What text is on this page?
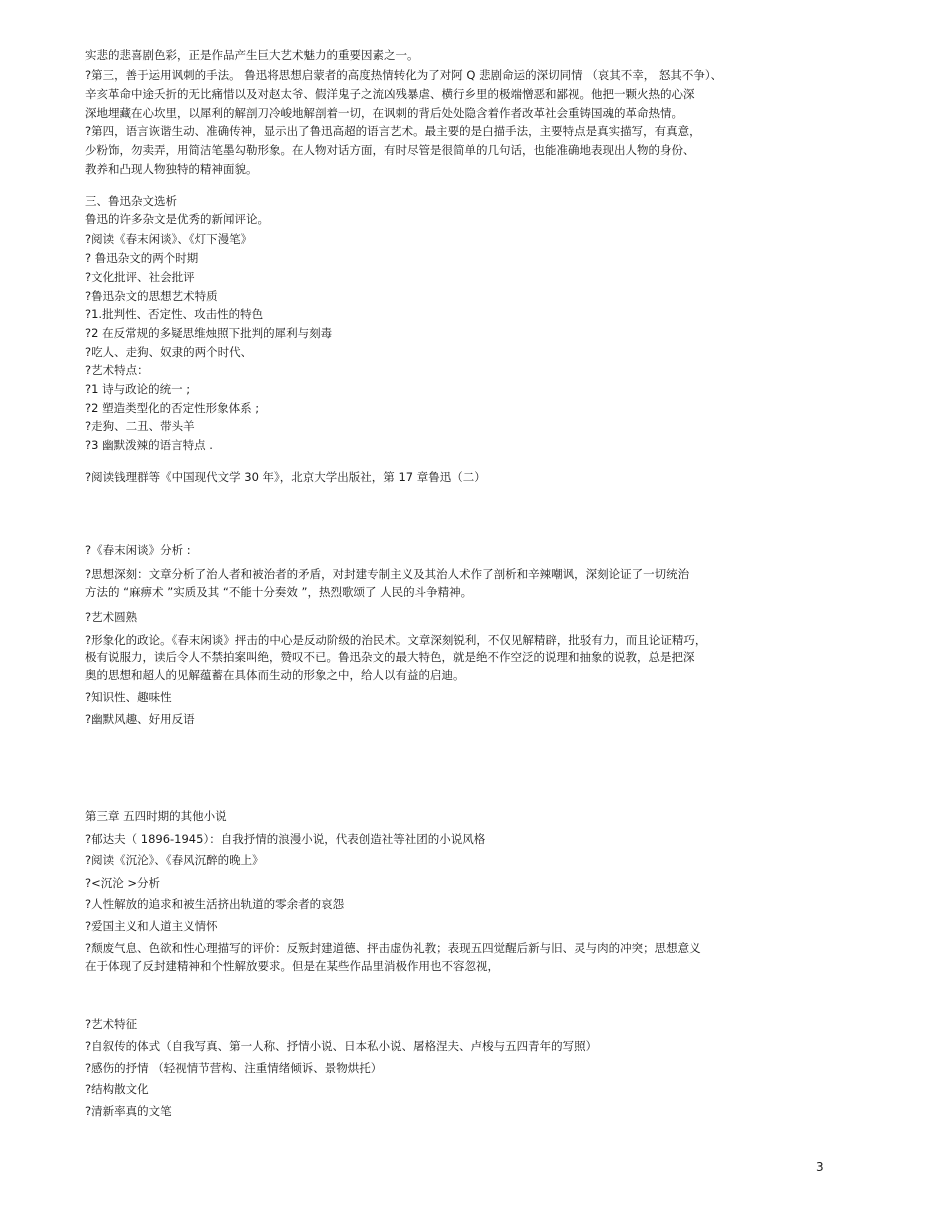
实悲的悲喜剧色彩，正是作品产生巨大艺术魅力的重要因素之一。
?第三，善于运用讽刺的手法。 鲁迅将思想启蒙者的高度热情转化为了对阿 Q 悲剧命运的深切同情 （哀其不幸， 怒其不争）、
辛亥革命中途夭折的无比痛惜以及对赵太爷、假洋鬼子之流凶残暴虐、横行乡里的极端憎恶和鄙视。他把一颗火热的心深
深地埋藏在心坎里，以犀利的解剖刀冷峻地解剖着一切，在讽刺的背后处处隐含着作者改革社会重铸国魂的革命热情。
?第四，语言诙谐生动、准确传神，显示出了鲁迅高超的语言艺术。最主要的是白描手法，主要特点是真实描写，有真意，
少粉饰，勿卖弄，用简洁笔墨勾勒形象。在人物对话方面，有时尽管是很简单的几句话，也能准确地表现出人物的身份、
教养和凸现人物独特的精神面貌。
三、鲁迅杂文选析
鲁迅的许多杂文是优秀的新闻评论。
?阅读《春末闲谈》、《灯下漫笔》
? 鲁迅杂文的两个时期
?文化批评、社会批评
?鲁迅杂文的思想艺术特质
?1.批判性、否定性、攻击性的特色
?2 在反常规的多疑思维烛照下批判的犀利与刻毒
?吃人、走狗、奴隶的两个时代、
?艺术特点：
?1 诗与政论的统一 ;
?2 塑造类型化的否定性形象体系 ;
?走狗、二丑、带头羊
?3 幽默泼辣的语言特点 .
?阅读钱理群等《中国现代文学 30 年》，北京大学出版社，第 17 章鲁迅（二）
?《春末闲谈》分析 :
?思想深刻：文章分析了治人者和被治者的矛盾，对封建专制主义及其治人术作了剖析和辛辣嘲讽，深刻论证了一切统治
方法的 “麻痹术 ”实质及其 “不能十分奏效 ”，热烈歌颂了 人民的斗争精神。
?艺术圆熟
?形象化的政论。《春末闲谈》抨击的中心是反动阶级的治民术。文章深刻锐利，不仅见解精辟，批驳有力，而且论证精巧，
极有说服力，读后令人不禁拍案叫绝，赞叹不已。鲁迅杂文的最大特色，就是绝不作空泛的说理和抽象的说教，总是把深
奥的思想和超人的见解蕴蓄在具体而生动的形象之中，给人以有益的启迪。
?知识性、趣味性
?幽默风趣、好用反语
第三章 五四时期的其他小说
?郁达夫（ 1896-1945）：自我抒情的浪漫小说，代表创造社等社团的小说风格
?阅读《沉沦》、《春风沉醉的晚上》
?<沉沦 >分析
?人性解放的追求和被生活挤出轨道的零余者的哀怨
?爱国主义和人道主义情怀
?颓废气息、色欲和性心理描写的评价：反叛封建道德、抨击虚伪礼教；表现五四觉醒后新与旧、灵与肉的冲突；思想意义
在于体现了反封建精神和个性解放要求。但是在某些作品里消极作用也不容忽视，
?艺术特征
?自叙传的体式（自我写真、第一人称、抒情小说、日本私小说、屠格涅夫、卢梭与五四青年的写照）
?感伤的抒情 （轻视情节营构、注重情绪倾诉、景物烘托）
?结构散文化
?清新率真的文笔
3
